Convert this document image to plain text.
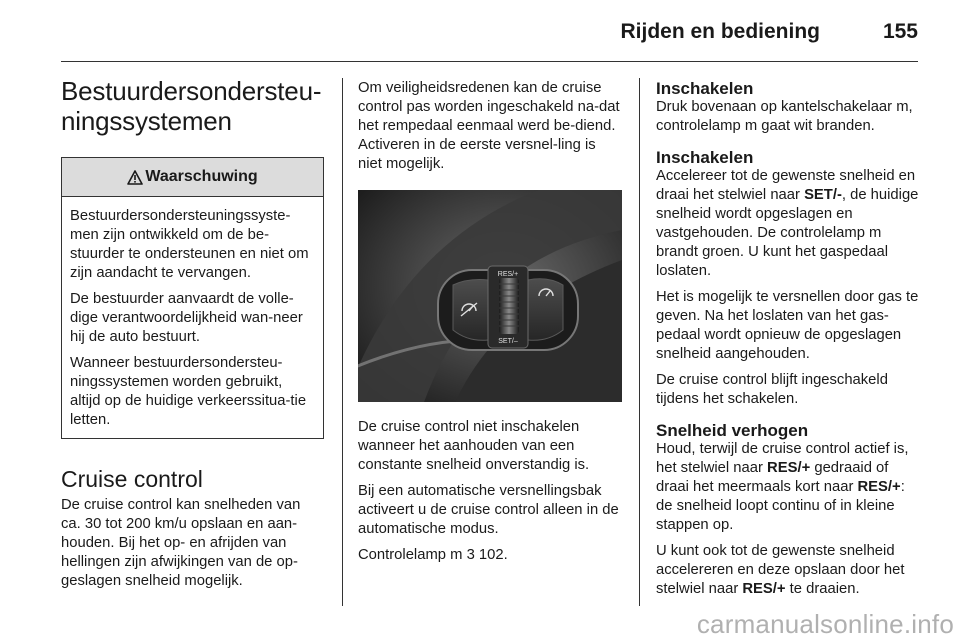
Rijden en bediening	155
Bestuurdersondersteu-
ningssystemen
Waarschuwing

Bestuurdersondersteuningssyste-men zijn ontwikkeld om de be-stuurder te ondersteunen en niet om zijn aandacht te vervangen.

De bestuurder aanvaardt de volle-dige verantwoordelijkheid wan-neer hij de auto bestuurt.

Wanneer bestuurdersondersteu-ningssystemen worden gebruikt, altijd op de huidige verkeerssitua-tie letten.

Cruise control

De cruise control kan snelheden van ca. 30 tot 200 km/u opslaan en aan-houden. Bij het op- en afrijden van hellingen zijn afwijkingen van de op-geslagen snelheid mogelijk.

Om veiligheidsredenen kan de cruise control pas worden ingeschakeld na-dat het rempedaal eenmaal werd be-diend. Activeren in de eerste versnel-ling is niet mogelijk.

RES/+
SET/–

De cruise control niet inschakelen wanneer het aanhouden van een constante snelheid onverstandig is.

Bij een automatische versnellingsbak activeert u de cruise control alleen in de automatische modus.

Controlelamp m 3 102.

Inschakelen

Druk bovenaan op kantelschakelaar m, controlelamp m gaat wit branden.

Inschakelen

Accelereer tot de gewenste snelheid en draai het stelwiel naar SET/-, de huidige snelheid wordt opgeslagen en vastgehouden. De controlelamp m brandt groen. U kunt het gaspedaal loslaten.

Het is mogelijk te versnellen door gas te geven. Na het loslaten van het gas-pedaal wordt opnieuw de opgeslagen snelheid aangehouden.

De cruise control blijft ingeschakeld tijdens het schakelen.

Snelheid verhogen

Houd, terwijl de cruise control actief is, het stelwiel naar RES/+ gedraaid of draai het meermaals kort naar RES/+: de snelheid loopt continu of in kleine stappen op.

U kunt ook tot de gewenste snelheid accelereren en deze opslaan door het stelwiel naar RES/+ te draaien.

carmanualsonline.info
